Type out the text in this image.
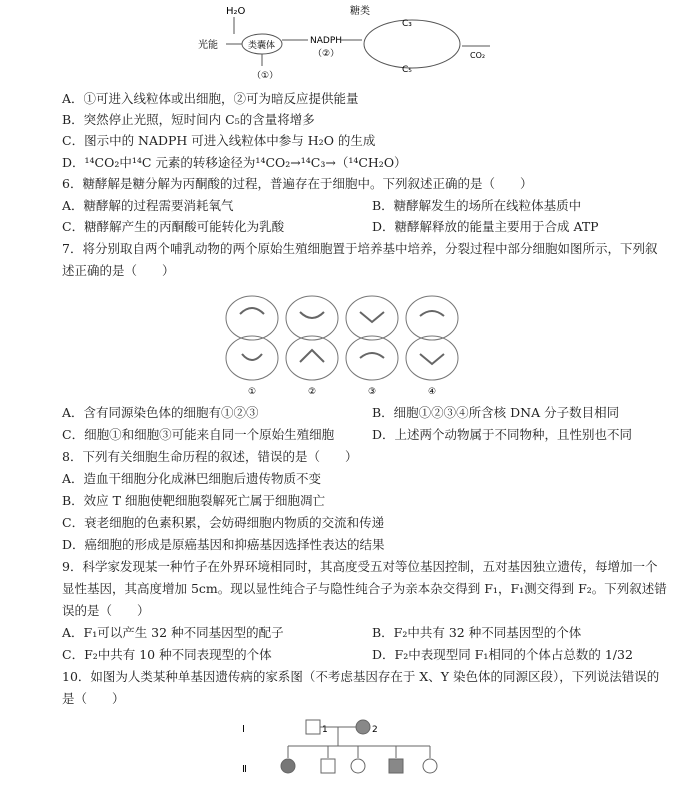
H₂O
光能	类囊体	NADPH
（②）
（①）
糖类
C₃
C₅
CO₂
A．①可进入线粒体或出细胞，②可为暗反应提供能量
B．突然停止光照，短时间内 C₅的含量将增多
C．图示中的 NADPH 可进入线粒体中参与 H₂O 的生成
D．¹⁴CO₂中¹⁴C 元素的转移途径为¹⁴CO₂→¹⁴C₃→（¹⁴CH₂O）
6．糖酵解是糖分解为丙酮酸的过程，普遍存在于细胞中。下列叙述正确的是（　　）
A．糖酵解的过程需要消耗氧气	B．糖酵解发生的场所在线粒体基质中
C．糖酵解产生的丙酮酸可能转化为乳酸	D．糖酵解释放的能量主要用于合成 ATP
7．将分别取自两个哺乳动物的两个原始生殖细胞置于培养基中培养，分裂过程中部分细胞如图所示，下列叙
述正确的是（　　）
①	②	③	④
A．含有同源染色体的细胞有①②③	B．细胞①②③④所含核 DNA 分子数目相同
C．细胞①和细胞③可能来自同一个原始生殖细胞	D．上述两个动物属于不同物种，且性别也不同
8．下列有关细胞生命历程的叙述，错误的是（　　）
A．造血干细胞分化成淋巴细胞后遗传物质不变
B．效应 T 细胞使靶细胞裂解死亡属于细胞凋亡
C．衰老细胞的色素积累，会妨碍细胞内物质的交流和传递
D．癌细胞的形成是原癌基因和抑癌基因选择性表达的结果
9．科学家发现某一种竹子在外界环境相同时，其高度受五对等位基因控制，五对基因独立遗传，每增加一个
显性基因，其高度增加 5cm。现以显性纯合子与隐性纯合子为亲本杂交得到 F₁，F₁测交得到 F₂。下列叙述错
误的是（　　）
A．F₁可以产生 32 种不同基因型的配子	B．F₂中共有 32 种不同基因型的个体
C．F₂中共有 10 种不同表现型的个体	D．F₂中表现型同 F₁相同的个体占总数的 1/32
10．如图为人类某种单基因遗传病的家系图（不考虑基因存在于 X、Y 染色体的同源区段），下列说法错误的
是（　　）
Ⅰ
Ⅱ
1	2
